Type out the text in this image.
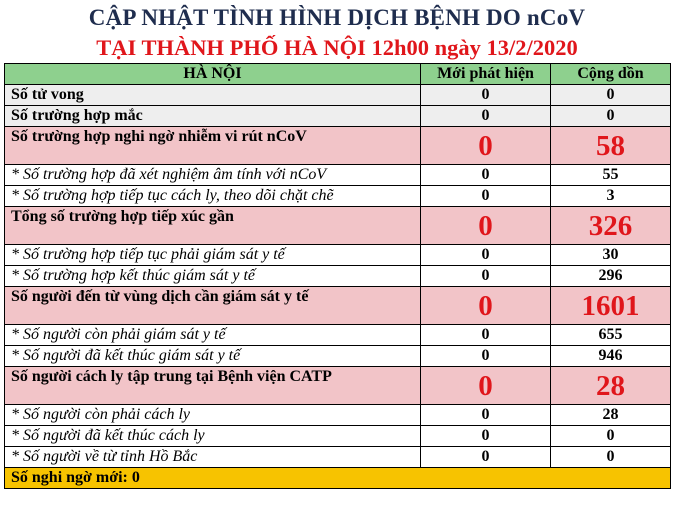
CẬP NHẬT TÌNH HÌNH DỊCH BỆNH DO nCoV
TẠI THÀNH PHỐ HÀ NỘI 12h00 ngày 13/2/2020
HÀ NỘI	Mới phát hiện	Cộng dồn
Số tử vong	0	0
Số trường hợp mắc	0	0
Số trường hợp nghi ngờ nhiễm vi rút nCoV	0	58
* Số trường hợp đã xét nghiệm âm tính với nCoV	0	55
* Số trường hợp tiếp tục cách ly, theo dõi chặt chẽ	0	3
Tổng số trường hợp tiếp xúc gần	0	326
* Số trường hợp tiếp tục phải giám sát y tế	0	30
* Số trường hợp kết thúc giám sát y tế	0	296
Số người đến từ vùng dịch cần giám sát y tế	0	1601
* Số người còn phải giám sát y tế	0	655
* Số người đã kết thúc giám sát y tế	0	946
Số người cách ly tập trung tại Bệnh viện CATP	0	28
* Số người còn phải cách ly	0	28
* Số người đã kết thúc cách ly	0	0
* Số người về từ tỉnh Hồ Bắc	0	0
Số nghi ngờ mới: 0		
